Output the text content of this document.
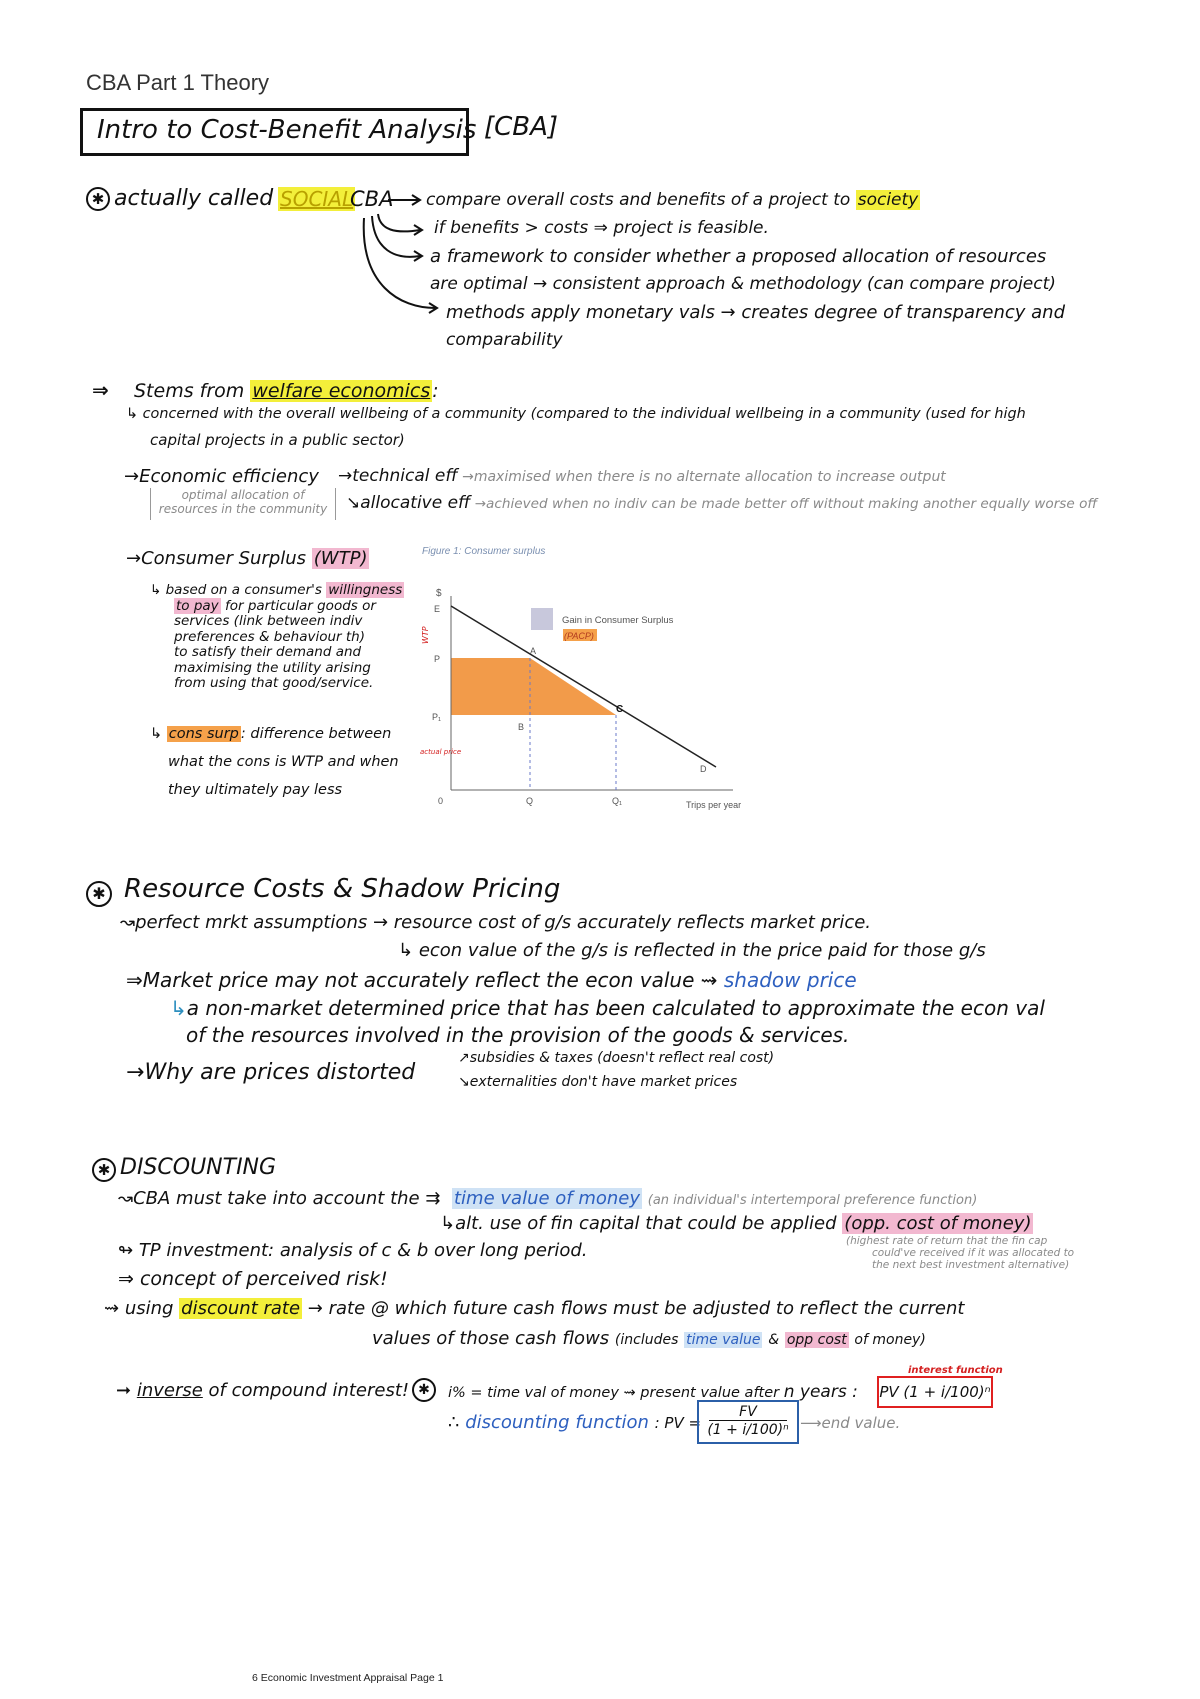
CBA Part 1 Theory
Intro to Cost-Benefit Analysis [CBA]
✱ actually called SOCIAL
CBA compare overall costs and benefits of a project to society
if benefits > costs ⇒ project is feasible.
a framework to consider whether a proposed allocation of resources
are optimal → consistent approach & methodology (can compare project)
methods apply monetary vals → creates degree of transparency and
comparability
⇒ Stems from welfare economics :
↳ concerned with the overall wellbeing of a community (compared to the individual wellbeing in a community (used for high
capital projects in a public sector)
→Economic efficiency →technical eff →maximised when there is no alternate allocation to increase output
↘allocative eff →achieved when no indiv can be made better off without making another equally worse off
optimal allocation of
resources in the community
→Consumer Surplus (WTP)
↳ based on a consumer's willingness
to pay for particular goods or
services (link between indiv
preferences & behaviour th)
to satisfy their demand and
maximising the utility arising
from using that good/service.
↳ cons surp : difference between
what the cons is WTP and when
they ultimately pay less
Figure 1: Consumer surplus
$
E
P
P₁
A
B
C
D
0	Q	Q₁	Trips per year
Gain in Consumer Surplus
(PACP)
WTP
actual price
✱ Resource Costs & Shadow Pricing
↝perfect mrkt assumptions → resource cost of g/s accurately reflects market price.
↳ econ value of the g/s is reflected in the price paid for those g/s
⇒Market price may not accurately reflect the econ value ⇝ shadow price
↳a non-market determined price that has been calculated to approximate the econ val
of the resources involved in the provision of the goods & services.
→Why are prices distorted
↗subsidies & taxes (doesn't reflect real cost)
↘externalities don't have market prices
✱ DISCOUNTING
↝CBA must take into account the ⇉ time value of money (an individual's intertemporal preference function)
↳alt. use of fin capital that could be applied (opp. cost of money)
(highest rate of return that the fin cap
could've received if it was allocated to
the next best investment alternative)
↬ TP investment: analysis of c & b over long period.
⇒ concept of perceived risk!
⇝ using discount rate → rate @ which future cash flows must be adjusted to reflect the current
values of those cash flows (includes time value & opp cost of money)
➞ inverse of compound interest! ✱	i% = time val of money ⇝ present value after n years :
interest function
PV (1 + i/100)ⁿ
∴ discounting function : PV =
FV
(1 + i/100)ⁿ ⟶end value.
6 Economic Investment Appraisal Page 1
